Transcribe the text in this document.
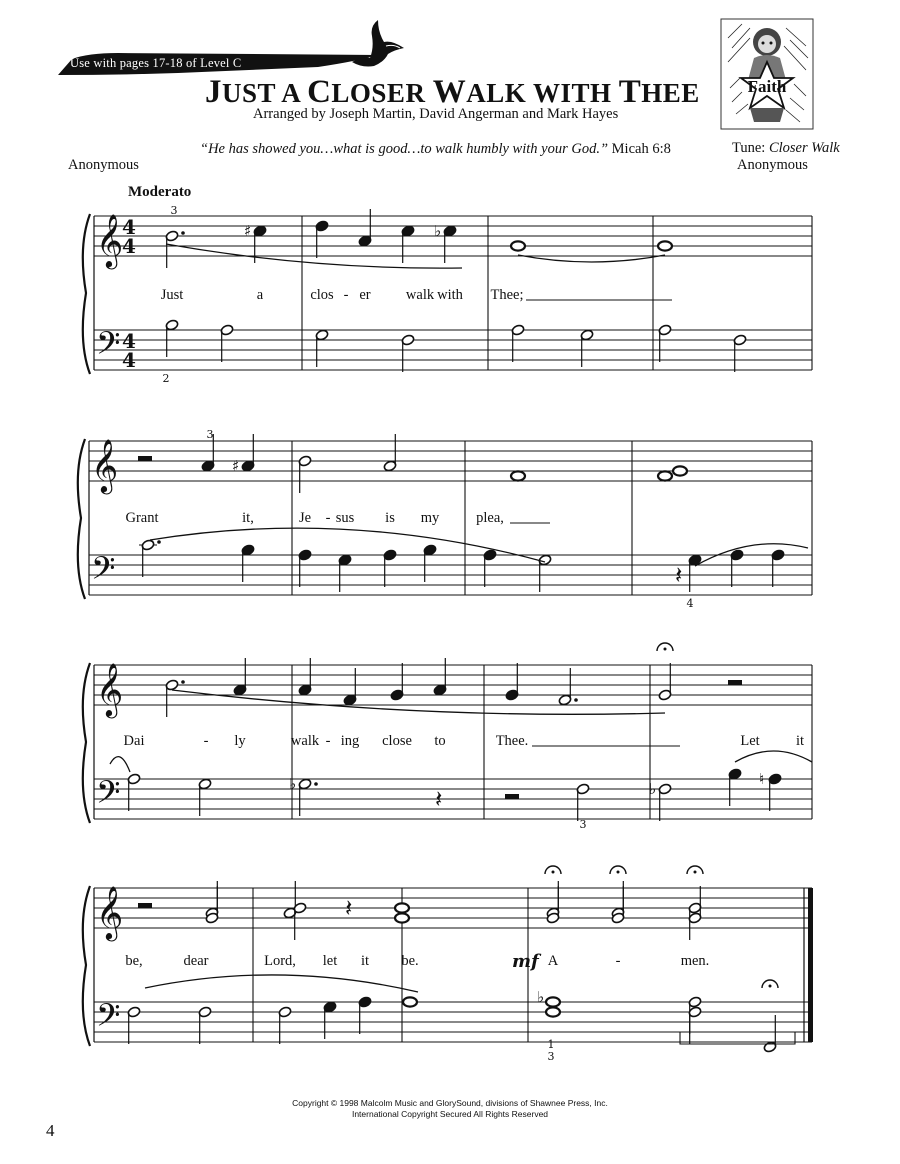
Use with pages 17-18 of Level C
JUST A CLOSER WALK WITH THEE
Arranged by Joseph Martin, David Angerman and Mark Hayes
“He has showed you…what is good…to walk humbly with your God.” Micah 6:8	Tune: Closer Walk
Anonymous	Anonymous
Moderato
Faith
𝄞
𝄢
4
4
4
4
𝄞
𝄢
𝄞
𝄢
𝄞
𝄢
♯	♭
3
2
♯
3
𝄽
4
♭
𝄽	♭
♮
3
𝄽
♭
1
3
mf
Just	a	clos - er walk with Thee;
Grant	it,	Je - sus is my	plea,
Dai	- ly	walk - ing close to	Thee.	Let	it
be,	dear	Lord, let it be.	A	-	men.
Copyright © 1998 Malcolm Music and GlorySound, divisions of Shawnee Press, Inc.
International Copyright Secured All Rights Reserved
4
